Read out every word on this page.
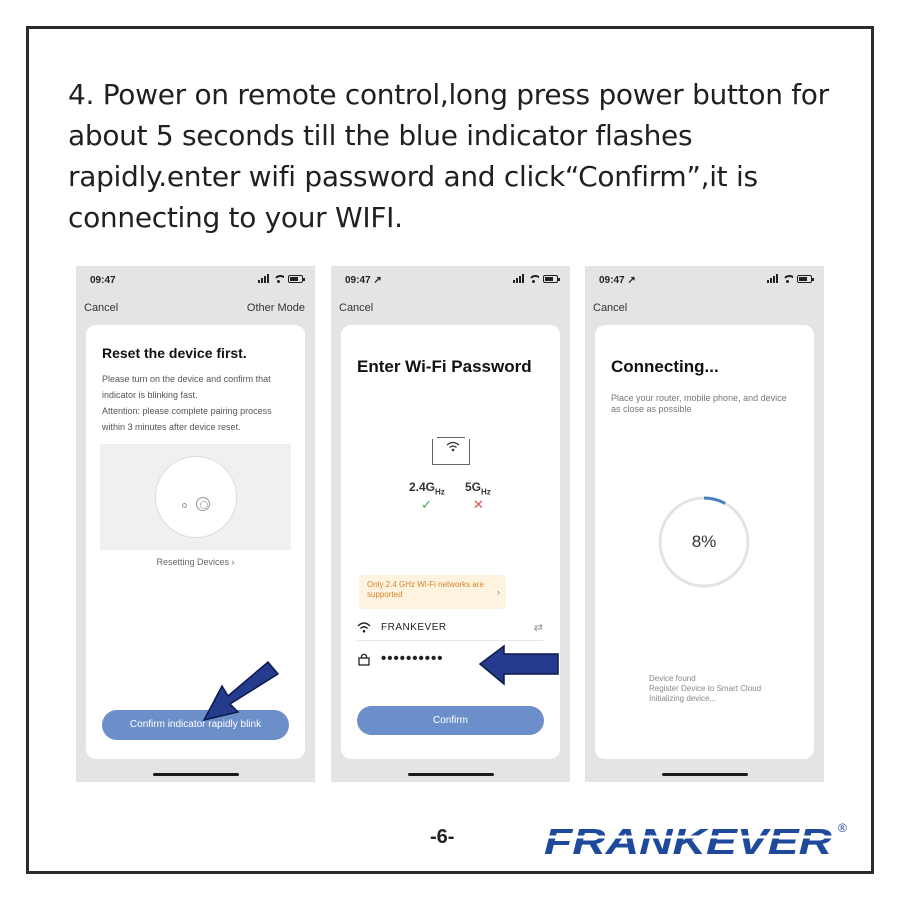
4. Power on remote control,long press power button for about 5 seconds till the blue indicator flashes rapidly.enter wifi password and click“Confirm”,it is connecting to your WIFI.
09:47
Cancel	Other Mode
Reset the device first.
Please turn on the device and confirm that indicator is blinking fast.
Attention: please complete pairing process within 3 minutes after device reset.
Resetting Devices ›
Confirm indicator rapidly blink
09:47 ↗
Cancel
Enter Wi-Fi Password
$2.4G_{Hz}$ $5G_{Hz}$
✓	✕
Only 2.4 GHz Wi-Fi networks are supported	›
FRANKEVER	⇄
••••••••••
Confirm
09:47 ↗
Cancel
Connecting...
Place your router, mobile phone, and device as close as possible
8%
Device found
Register Device to Smart Cloud
Initializing device...
-6- FRANKEVER ®
